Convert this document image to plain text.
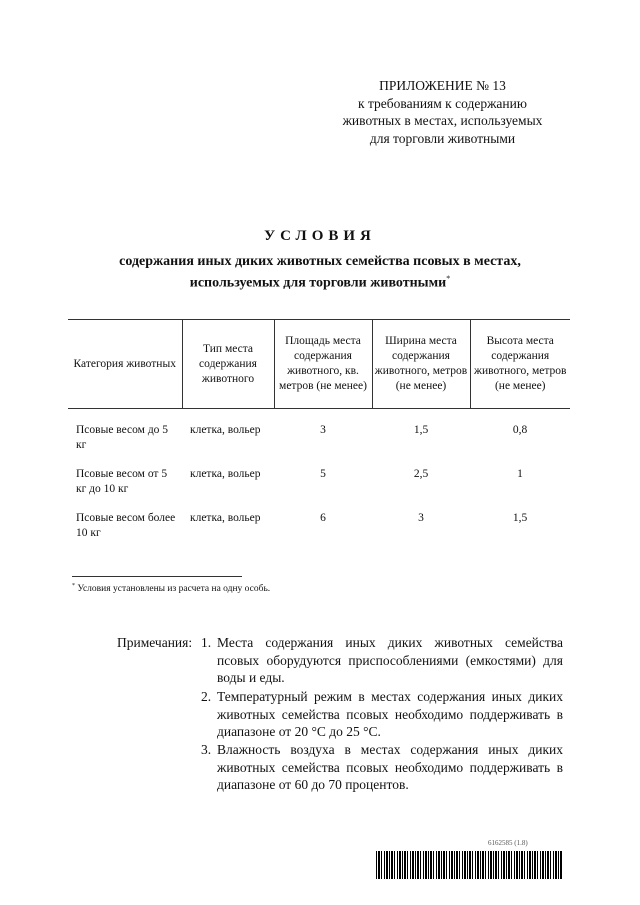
ПРИЛОЖЕНИЕ № 13
к требованиям к содержанию
животных в местах, используемых
для торговли животными
УСЛОВИЯ
содержания иных диких животных семейства псовых в местах,
используемых для торговли животными*
Категория животных	Тип места содержания животного	Площадь места содержания животного, кв. метров (не менее)	Ширина места содержания животного, метров (не менее)	Высота места содержания животного, метров (не менее)
Псовые весом до 5 кг	клетка, вольер	3	1,5	0,8
Псовые весом от 5 кг до 10 кг	клетка, вольер	5	2,5	1
Псовые весом более 10 кг	клетка, вольер	6	3	1,5
* Условия установлены из расчета на одну особь.
Примечания: 1. Места содержания иных диких животных семейства псовых оборудуются приспособлениями (емкостями) для воды и еды.
2. Температурный режим в местах содержания иных диких животных семейства псовых необходимо поддерживать в диапазоне от 20 °С до 25 °С.
3. Влажность воздуха в местах содержания иных диких животных семейства псовых необходимо поддерживать в диапазоне от 60 до 70 процентов.
6162585 (1.8)
